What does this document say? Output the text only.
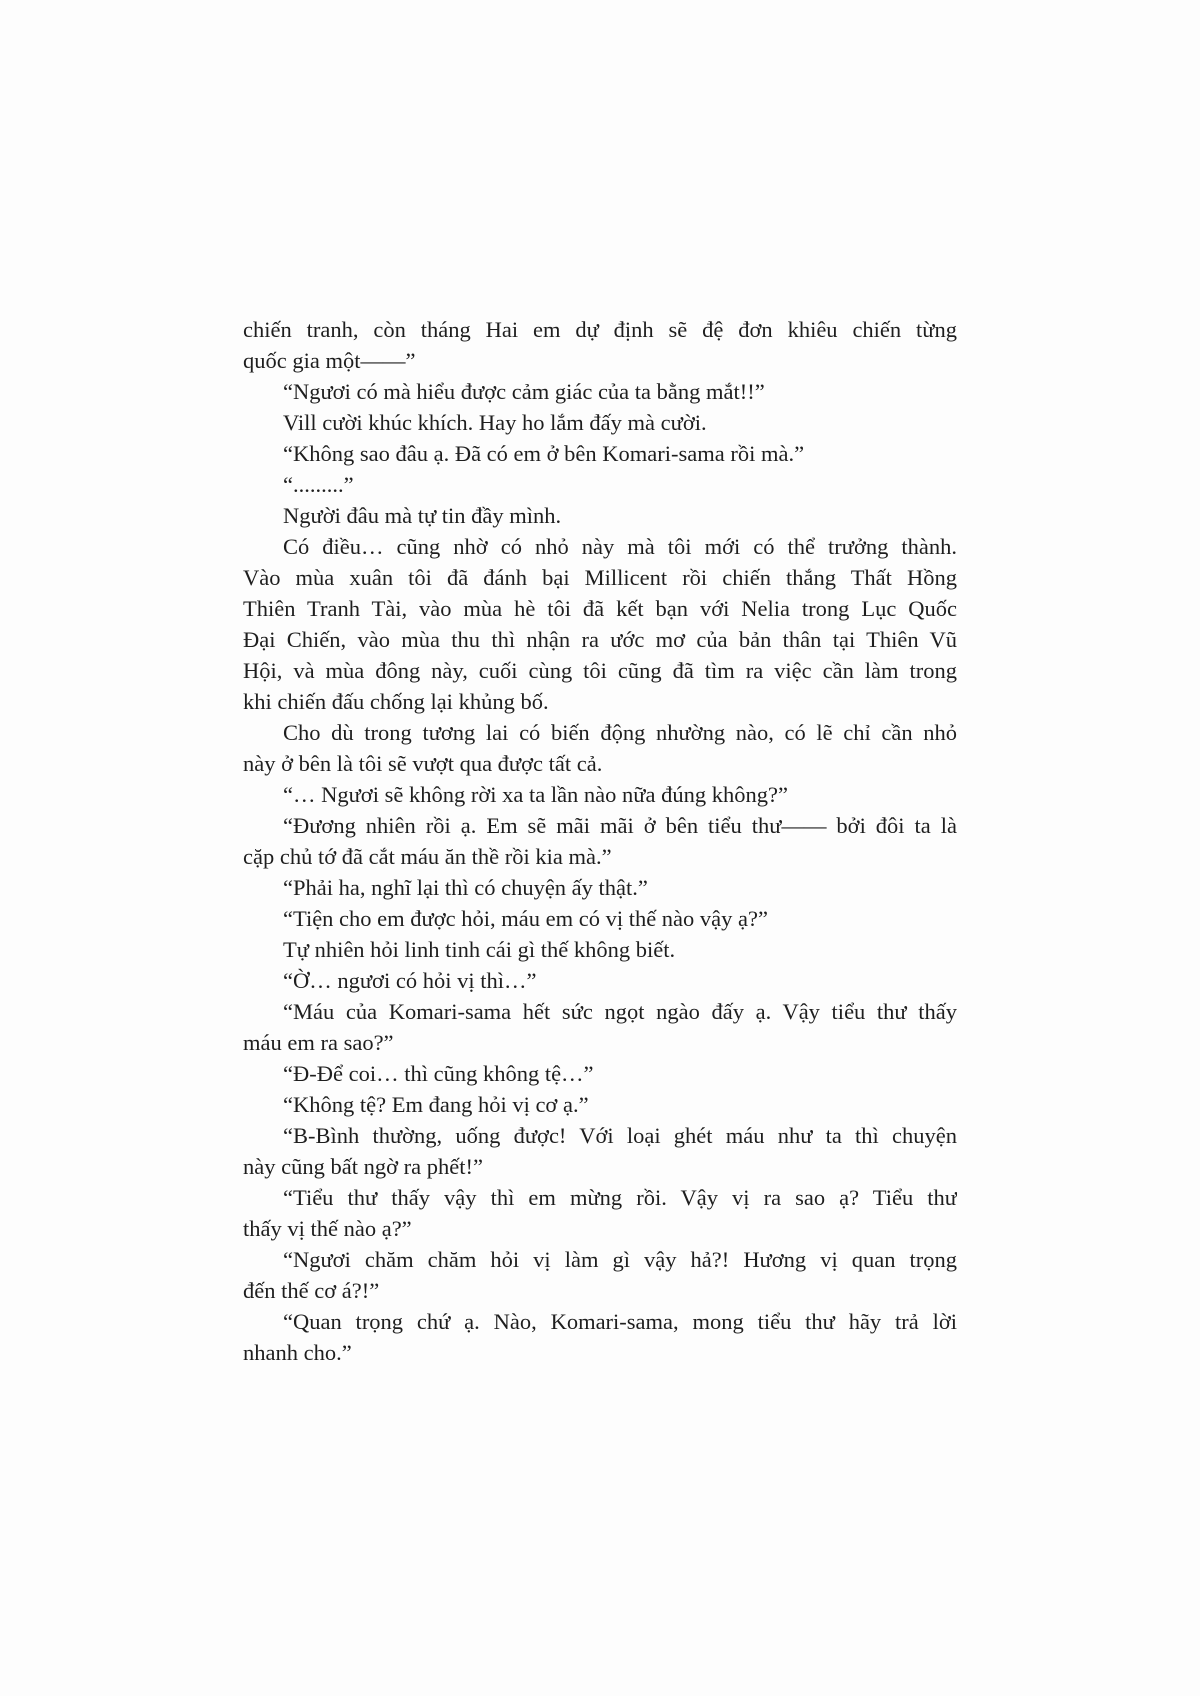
chiến tranh, còn tháng Hai em dự định sẽ đệ đơn khiêu chiến từng
quốc gia một——”
“Ngươi có mà hiểu được cảm giác của ta bằng mắt!!”
Vill cười khúc khích. Hay ho lắm đấy mà cười.
“Không sao đâu ạ. Đã có em ở bên Komari-sama rồi mà.”
“.........”
Người đâu mà tự tin đầy mình.
Có điều… cũng nhờ có nhỏ này mà tôi mới có thể trưởng thành.
Vào mùa xuân tôi đã đánh bại Millicent rồi chiến thắng Thất Hồng
Thiên Tranh Tài, vào mùa hè tôi đã kết bạn với Nelia trong Lục Quốc
Đại Chiến, vào mùa thu thì nhận ra ước mơ của bản thân tại Thiên Vũ
Hội, và mùa đông này, cuối cùng tôi cũng đã tìm ra việc cần làm trong
khi chiến đấu chống lại khủng bố.
Cho dù trong tương lai có biến động nhường nào, có lẽ chỉ cần nhỏ
này ở bên là tôi sẽ vượt qua được tất cả.
“… Ngươi sẽ không rời xa ta lần nào nữa đúng không?”
“Đương nhiên rồi ạ. Em sẽ mãi mãi ở bên tiểu thư—— bởi đôi ta là
cặp chủ tớ đã cắt máu ăn thề rồi kia mà.”
“Phải ha, nghĩ lại thì có chuyện ấy thật.”
“Tiện cho em được hỏi, máu em có vị thế nào vậy ạ?”
Tự nhiên hỏi linh tinh cái gì thế không biết.
“Ờ… ngươi có hỏi vị thì…”
“Máu của Komari-sama hết sức ngọt ngào đấy ạ. Vậy tiểu thư thấy
máu em ra sao?”
“Đ-Để coi… thì cũng không tệ…”
“Không tệ? Em đang hỏi vị cơ ạ.”
“B-Bình thường, uống được! Với loại ghét máu như ta thì chuyện
này cũng bất ngờ ra phết!”
“Tiểu thư thấy vậy thì em mừng rồi. Vậy vị ra sao ạ? Tiểu thư
thấy vị thế nào ạ?”
“Ngươi chăm chăm hỏi vị làm gì vậy hả?! Hương vị quan trọng
đến thế cơ á?!”
“Quan trọng chứ ạ. Nào, Komari-sama, mong tiểu thư hãy trả lời
nhanh cho.”
